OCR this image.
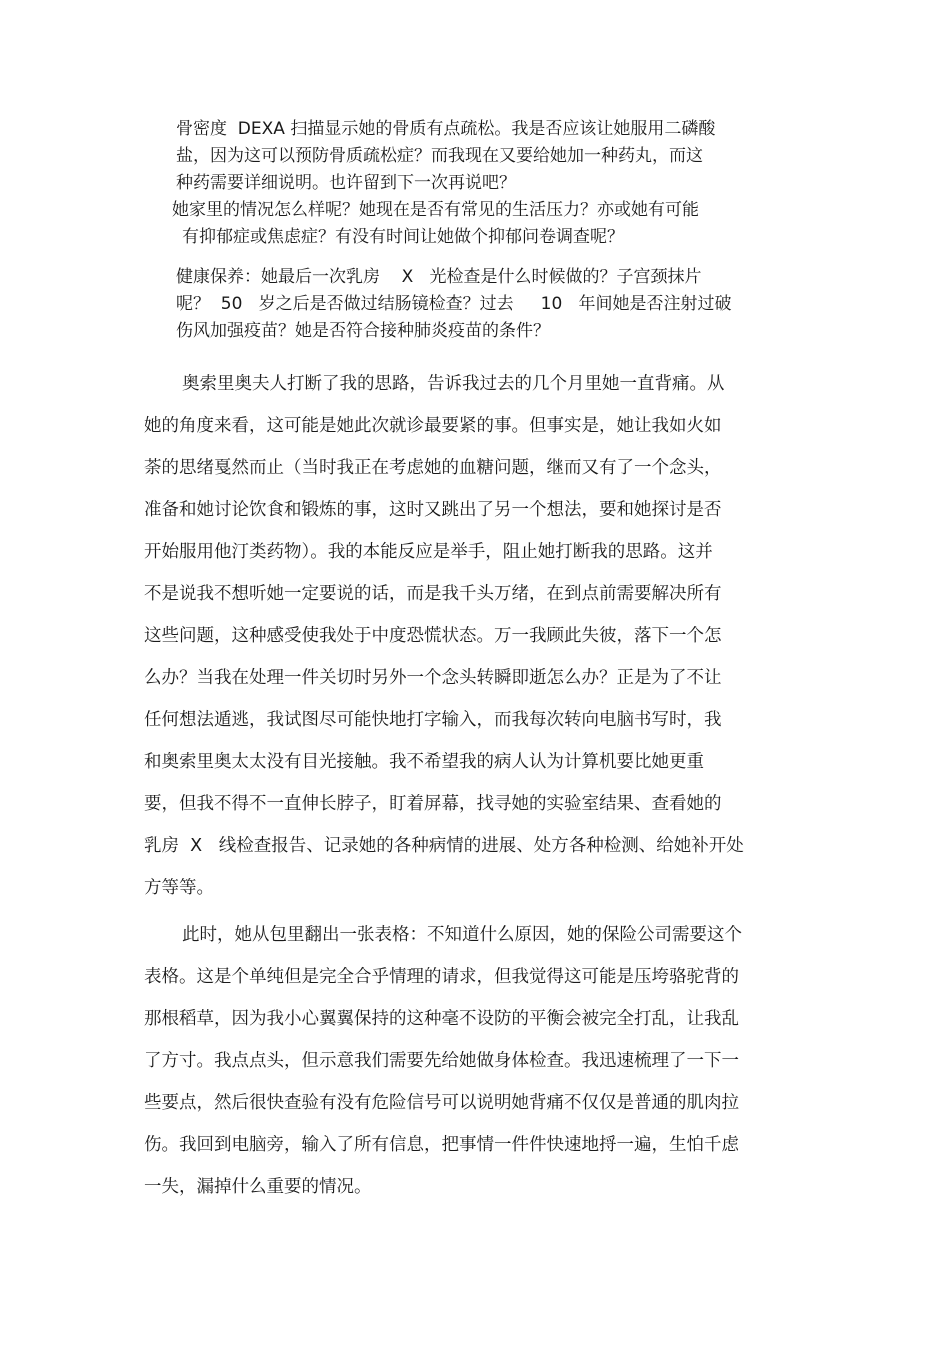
骨密度  DEXA 扫描显示她的骨质有点疏松。我是否应该让她服用二磷酸
盐，因为这可以预防骨质疏松症？而我现在又要给她加一种药丸，而这
种药需要详细说明。也许留到下一次再说吧？
她家里的情况怎么样呢？她现在是否有常见的生活压力？亦或她有可能
有抑郁症或焦虑症？有没有时间让她做个抑郁问卷调查呢？
健康保养：她最后一次乳房    X   光检查是什么时候做的？子宫颈抹片
呢？  50   岁之后是否做过结肠镜检查？过去     10   年间她是否注射过破
伤风加强疫苗？她是否符合接种肺炎疫苗的条件？
奥索里奥夫人打断了我的思路，告诉我过去的几个月里她一直背痛。从
她的角度来看，这可能是她此次就诊最要紧的事。但事实是，她让我如火如
荼的思绪戛然而止（当时我正在考虑她的血糖问题，继而又有了一个念头，
准备和她讨论饮食和锻炼的事，这时又跳出了另一个想法，要和她探讨是否
开始服用他汀类药物）。我的本能反应是举手，阻止她打断我的思路。这并
不是说我不想听她一定要说的话，而是我千头万绪，在到点前需要解决所有
这些问题，这种感受使我处于中度恐慌状态。万一我顾此失彼，落下一个怎
么办？当我在处理一件关切时另外一个念头转瞬即逝怎么办？正是为了不让
任何想法遁逃，我试图尽可能快地打字输入，而我每次转向电脑书写时，我
和奥索里奥太太没有目光接触。我不希望我的病人认为计算机要比她更重
要，但我不得不一直伸长脖子，盯着屏幕，找寻她的实验室结果、查看她的
乳房  X   线检查报告、记录她的各种病情的进展、处方各种检测、给她补开处
方等等。
此时，她从包里翻出一张表格：不知道什么原因，她的保险公司需要这个
表格。这是个单纯但是完全合乎情理的请求，但我觉得这可能是压垮骆驼背的
那根稻草，因为我小心翼翼保持的这种毫不设防的平衡会被完全打乱，让我乱
了方寸。我点点头，但示意我们需要先给她做身体检查。我迅速梳理了一下一
些要点，然后很快查验有没有危险信号可以说明她背痛不仅仅是普通的肌肉拉
伤。我回到电脑旁，输入了所有信息，把事情一件件快速地捋一遍，生怕千虑
一失，漏掉什么重要的情况。
